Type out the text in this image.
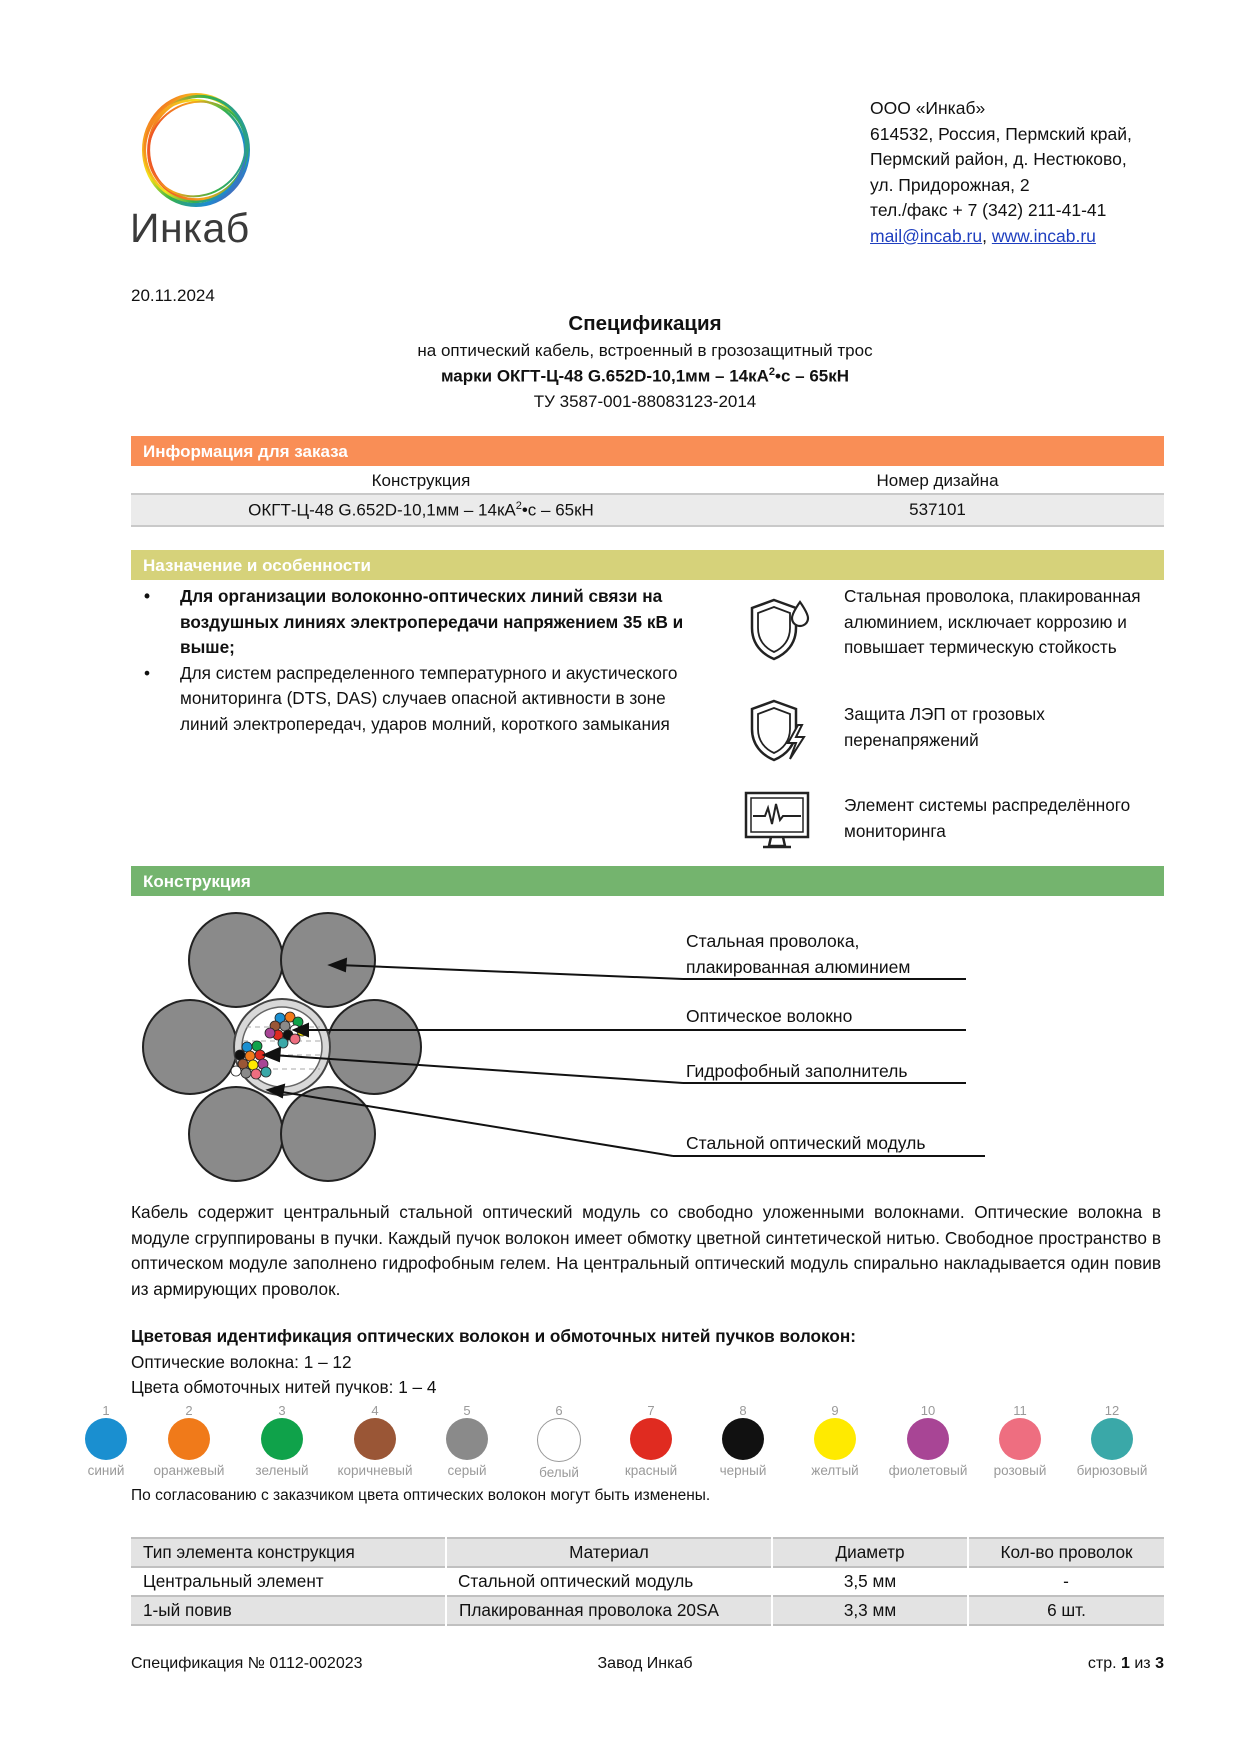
Инкаб
ООО «Инкаб»
614532, Россия, Пермский край,
Пермский район, д. Нестюково,
ул. Придорожная, 2
тел./факс + 7 (342) 211-41-41
mail@incab.ru, www.incab.ru
20.11.2024
Спецификация
на оптический кабель, встроенный в грозозащитный трос
марки ОКГТ-Ц-48 $G.652D-10,1мм - 14кА^2•с - 65кН$
ТУ 3587-001-88083123-2014
Информация для заказа
Конструкция	Номер дизайна
ОКГТ-Ц-48 $G.652D-10,1мм - 14кА^2•с - 65кН$	537101
Назначение и особенности
• Для организации волоконно-оптических линий связи на воздушных линиях электропередачи напряжением 35 кВ и выше;
• Для систем распределенного температурного и акустического мониторинга (DTS, DAS) случаев опасной активности в зоне линий электропередач, ударов молний, короткого замыкания
Стальная проволока, плакированная алюминием, исключает коррозию и повышает термическую стойкость
Защита ЛЭП от грозовых перенапряжений
Элемент системы распределённого мониторинга
Конструкция
Стальная проволока,
плакированная алюминием
Оптическое волокно
Гидрофобный заполнитель
Стальной оптический модуль
Кабель содержит центральный стальной оптический модуль со свободно уложенными волокнами. Оптические волокна в модуле сгруппированы в пучки. Каждый пучок волокон имеет обмотку цветной синтетической нитью. Свободное пространство в оптическом модуле заполнено гидрофобным гелем. На центральный оптический модуль спирально накладывается один повив из армирующих проволок.
Цветовая идентификация оптических волокон и обмоточных нитей пучков волокон:
Оптические волокна: 1 – 12
Цвета обмоточных нитей пучков: 1 – 4
1
синий
2
оранжевый
3
зеленый
4
коричневый
5
серый
6
белый
7
красный
8
черный
9
желтый
10
фиолетовый
11
розовый
12
бирюзовый
По согласованию с заказчиком цвета оптических волокон могут быть изменены.
Тип элемента конструкция	Материал	Диаметр	Кол-во проволок
Центральный элемент	Стальной оптический модуль	3,5 мм	-
1-ый повив	Плакированная проволока 20SA	3,3 мм	6 шт.
Спецификация № 0112-002023	Завод Инкаб	стр. 1 из 3
